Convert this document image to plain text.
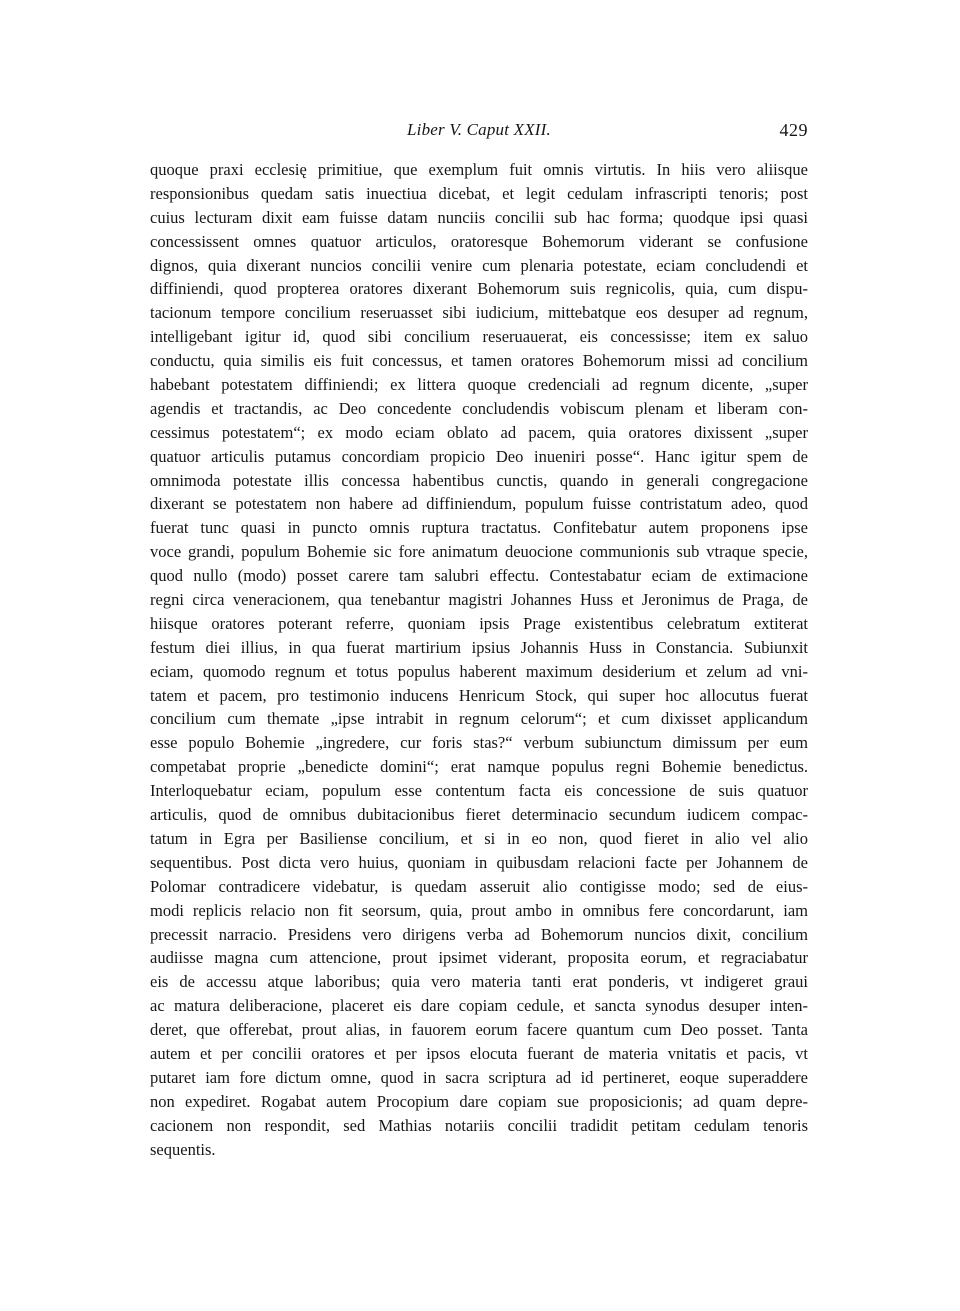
Liber V. Caput XXII.	429
quoque praxi ecclesię primitiue, que exemplum fuit omnis virtutis. In hiis vero aliisque
responsionibus quedam satis inuectiua dicebat, et legit cedulam infrascripti tenoris; post
cuius lecturam dixit eam fuisse datam nunciis concilii sub hac forma; quodque ipsi quasi
concessissent omnes quatuor articulos, oratoresque Bohemorum viderant se confusione
dignos, quia dixerant nuncios concilii venire cum plenaria potestate, eciam concludendi et
diffiniendi, quod propterea oratores dixerant Bohemorum suis regnicolis, quia, cum dispu-
tacionum tempore concilium reseruasset sibi iudicium, mittebatque eos desuper ad regnum,
intelligebant igitur id, quod sibi concilium reseruauerat, eis concessisse; item ex saluo
conductu, quia similis eis fuit concessus, et tamen oratores Bohemorum missi ad concilium
habebant potestatem diffiniendi; ex littera quoque credenciali ad regnum dicente, „super
agendis et tractandis, ac Deo concedente concludendis vobiscum plenam et liberam con-
cessimus potestatem“; ex modo eciam oblato ad pacem, quia oratores dixissent „super
quatuor articulis putamus concordiam propicio Deo inueniri posse“. Hanc igitur spem de
omnimoda potestate illis concessa habentibus cunctis, quando in generali congregacione
dixerant se potestatem non habere ad diffiniendum, populum fuisse contristatum adeo, quod
fuerat tunc quasi in puncto omnis ruptura tractatus. Confitebatur autem proponens ipse
voce grandi, populum Bohemie sic fore animatum deuocione communionis sub vtraque specie,
quod nullo (modo) posset carere tam salubri effectu. Contestabatur eciam de extimacione
regni circa veneracionem, qua tenebantur magistri Johannes Huss et Jeronimus de Praga, de
hiisque oratores poterant referre, quoniam ipsis Prage existentibus celebratum extiterat
festum diei illius, in qua fuerat martirium ipsius Johannis Huss in Constancia. Subiunxit
eciam, quomodo regnum et totus populus haberent maximum desiderium et zelum ad vni-
tatem et pacem, pro testimonio inducens Henricum Stock, qui super hoc allocutus fuerat
concilium cum themate „ipse intrabit in regnum celorum“; et cum dixisset applicandum
esse populo Bohemie „ingredere, cur foris stas?“ verbum subiunctum dimissum per eum
competabat proprie „benedicte domini“; erat namque populus regni Bohemie benedictus.
Interloquebatur eciam, populum esse contentum facta eis concessione de suis quatuor
articulis, quod de omnibus dubitacionibus fieret determinacio secundum iudicem compac-
tatum in Egra per Basiliense concilium, et si in eo non, quod fieret in alio vel alio
sequentibus. Post dicta vero huius, quoniam in quibusdam relacioni facte per Johannem de
Polomar contradicere videbatur, is quedam asseruit alio contigisse modo; sed de eius-
modi replicis relacio non fit seorsum, quia, prout ambo in omnibus fere concordarunt, iam
precessit narracio. Presidens vero dirigens verba ad Bohemorum nuncios dixit, concilium
audiisse magna cum attencione, prout ipsimet viderant, proposita eorum, et regraciabatur
eis de accessu atque laboribus; quia vero materia tanti erat ponderis, vt indigeret graui
ac matura deliberacione, placeret eis dare copiam cedule, et sancta synodus desuper inten-
deret, que offerebat, prout alias, in fauorem eorum facere quantum cum Deo posset. Tanta
autem et per concilii oratores et per ipsos elocuta fuerant de materia vnitatis et pacis, vt
putaret iam fore dictum omne, quod in sacra scriptura ad id pertineret, eoque superaddere
non expediret. Rogabat autem Procopium dare copiam sue proposicionis; ad quam depre-
cacionem non respondit, sed Mathias notariis concilii tradidit petitam cedulam tenoris
sequentis.
